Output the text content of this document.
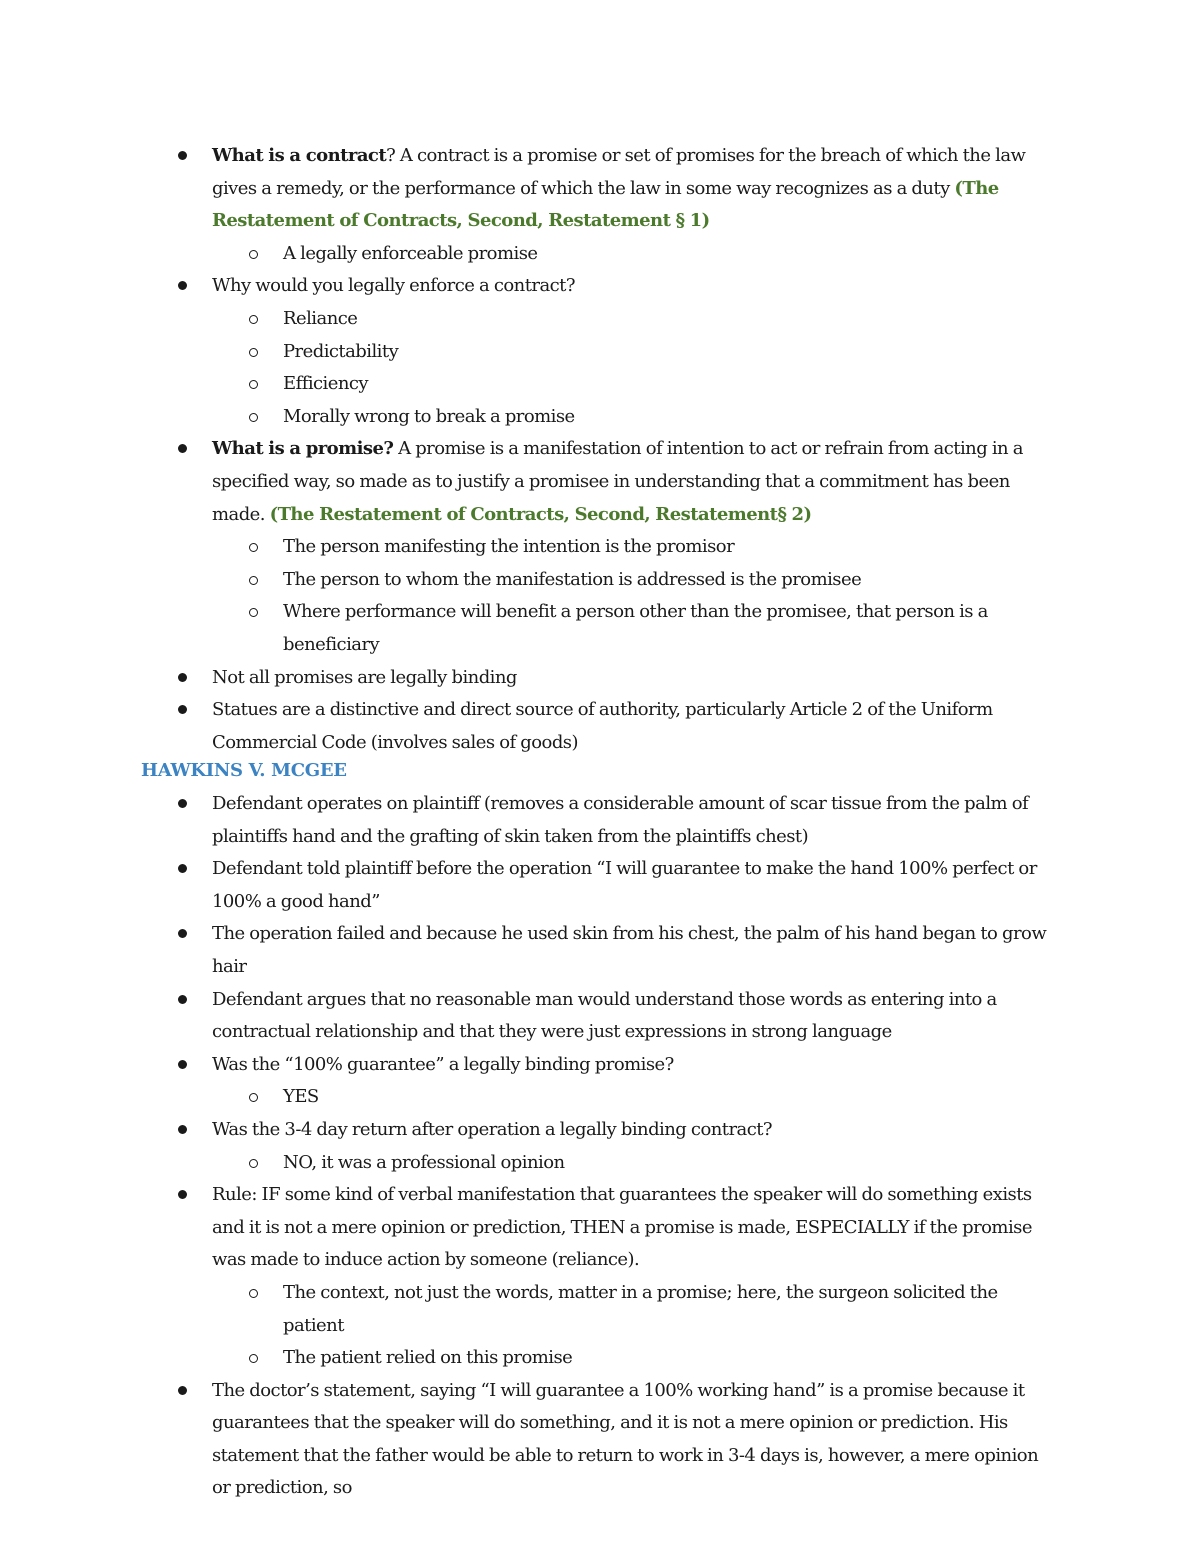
What is a contract? A contract is a promise or set of promises for the breach of which the law gives a remedy, or the performance of which the law in some way recognizes as a duty (The Restatement of Contracts, Second, Restatement § 1)
A legally enforceable promise
Why would you legally enforce a contract?
Reliance
Predictability
Efficiency
Morally wrong to break a promise
What is a promise? A promise is a manifestation of intention to act or refrain from acting in a specified way, so made as to justify a promisee in understanding that a commitment has been made. (The Restatement of Contracts, Second, Restatement§ 2)
The person manifesting the intention is the promisor
The person to whom the manifestation is addressed is the promisee
Where performance will benefit a person other than the promisee, that person is a beneficiary
Not all promises are legally binding
Statues are a distinctive and direct source of authority, particularly Article 2 of the Uniform Commercial Code (involves sales of goods)
HAWKINS V. MCGEE
Defendant operates on plaintiff (removes a considerable amount of scar tissue from the palm of plaintiffs hand and the grafting of skin taken from the plaintiffs chest)
Defendant told plaintiff before the operation “I will guarantee to make the hand 100% perfect or 100% a good hand”
The operation failed and because he used skin from his chest, the palm of his hand began to grow hair
Defendant argues that no reasonable man would understand those words as entering into a contractual relationship and that they were just expressions in strong language
Was the “100% guarantee” a legally binding promise?
YES
Was the 3-4 day return after operation a legally binding contract?
NO, it was a professional opinion
Rule: IF some kind of verbal manifestation that guarantees the speaker will do something exists and it is not a mere opinion or prediction, THEN a promise is made, ESPECIALLY if the promise was made to induce action by someone (reliance).
The context, not just the words, matter in a promise; here, the surgeon solicited the patient
The patient relied on this promise
The doctor’s statement, saying “I will guarantee a 100% working hand” is a promise because it guarantees that the speaker will do something, and it is not a mere opinion or prediction. His statement that the father would be able to return to work in 3-4 days is, however, a mere opinion or prediction, so
